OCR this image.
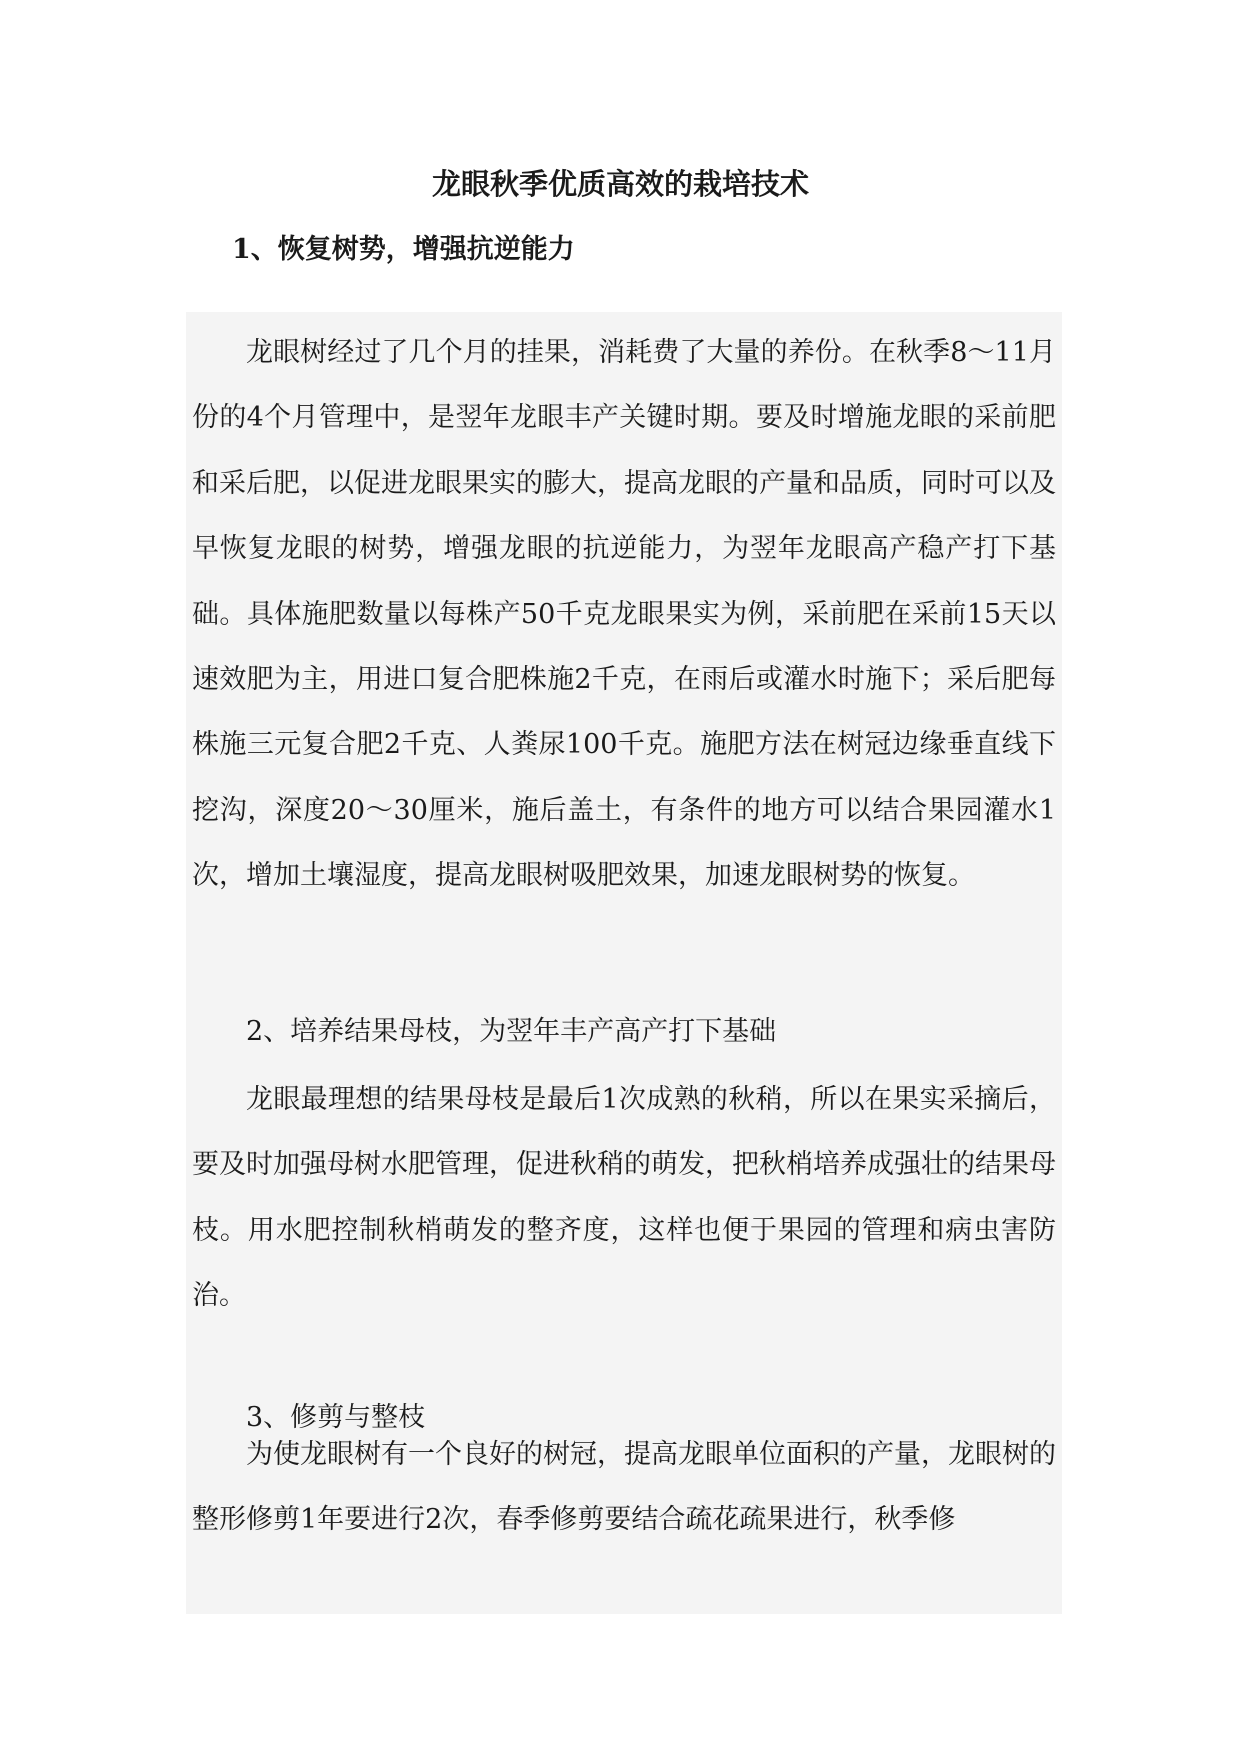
龙眼秋季优质高效的栽培技术
1、恢复树势，增强抗逆能力

龙眼树经过了几个月的挂果，消耗费了大量的养份。在秋季8～11月份的4个月管理中，是翌年龙眼丰产关键时期。要及时增施龙眼的采前肥和采后肥，以促进龙眼果实的膨大，提高龙眼的产量和品质，同时可以及早恢复龙眼的树势，增强龙眼的抗逆能力，为翌年龙眼高产稳产打下基础。具体施肥数量以每株产50千克龙眼果实为例，采前肥在采前15天以速效肥为主，用进口复合肥株施2千克，在雨后或灌水时施下；采后肥每株施三元复合肥2千克、人粪尿100千克。施肥方法在树冠边缘垂直线下挖沟，深度20～30厘米，施后盖土，有条件的地方可以结合果园灌水1次，增加土壤湿度，提高龙眼树吸肥效果，加速龙眼树势的恢复。

2、培养结果母枝，为翌年丰产高产打下基础

龙眼最理想的结果母枝是最后1次成熟的秋稍，所以在果实采摘后，要及时加强母树水肥管理，促进秋稍的萌发，把秋梢培养成强壮的结果母枝。用水肥控制秋梢萌发的整齐度，这样也便于果园的管理和病虫害防治。

3、修剪与整枝

为使龙眼树有一个良好的树冠，提高龙眼单位面积的产量，龙眼树的整形修剪1年要进行2次，春季修剪要结合疏花疏果进行，秋季修
